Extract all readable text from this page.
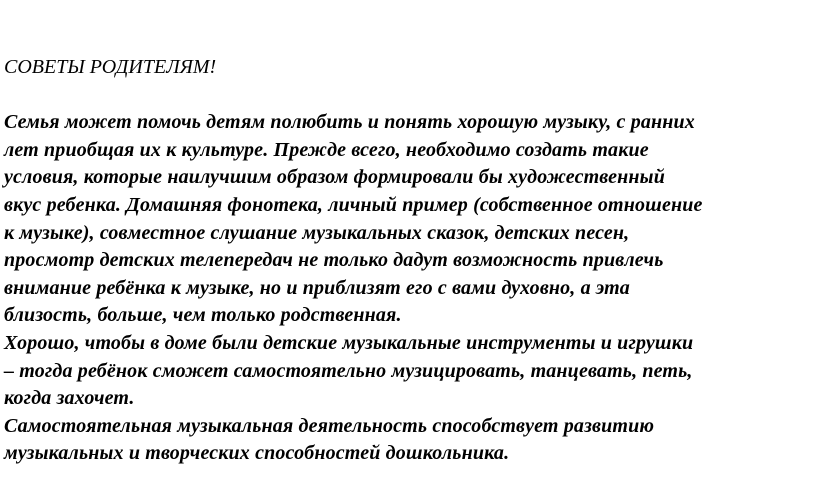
СОВЕТЫ РОДИТЕЛЯМ!

Семья может помочь детям полюбить и понять хорошую музыку, с ранних
лет приобщая их к культуре. Прежде всего, необходимо создать такие
условия, которые наилучшим образом формировали бы художественный
вкус ребенка. Домашняя фонотека, личный пример (собственное отношение
к музыке), совместное слушание музыкальных сказок, детских песен,
просмотр детских телепередач не только дадут возможность привлечь
внимание ребёнка к музыке, но и приблизят его с вами духовно, а эта
близость, больше, чем только родственная.
Хорошо, чтобы в доме были детские музыкальные инструменты и игрушки
– тогда ребёнок сможет самостоятельно музицировать, танцевать, петь,
когда захочет.
Самостоятельная музыкальная деятельность способствует развитию
музыкальных и творческих способностей дошкольника.
